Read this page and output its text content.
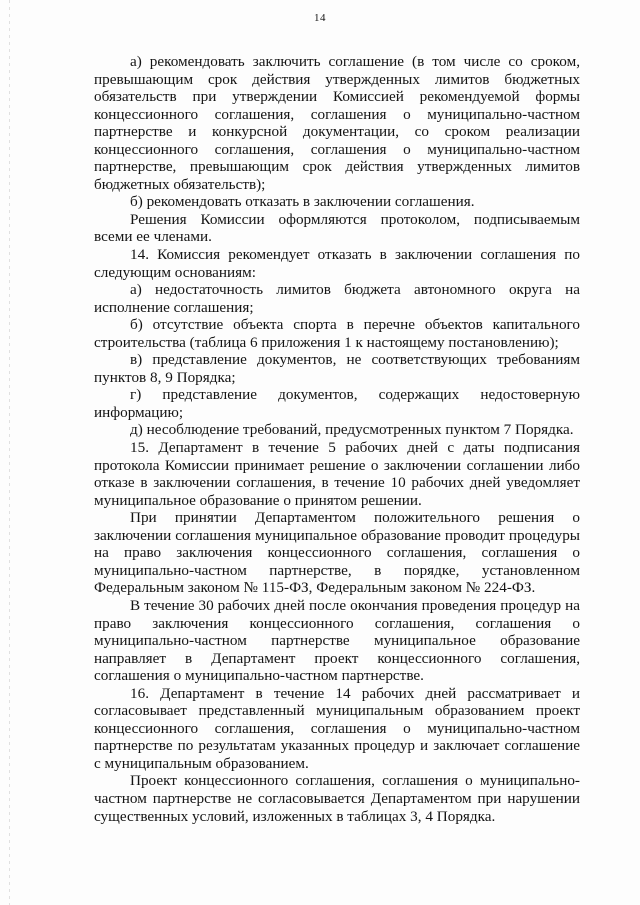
14

а) рекомендовать заключить соглашение (в том числе со сроком, превышающим срок действия утвержденных лимитов бюджетных обязательств при утверждении Комиссией рекомендуемой формы концессионного соглашения, соглашения о муниципально-частном партнерстве и конкурсной документации, со сроком реализации концессионного соглашения, соглашения о муниципально-частном партнерстве, превышающим срок действия утвержденных лимитов бюджетных обязательств);

б) рекомендовать отказать в заключении соглашения.

Решения Комиссии оформляются протоколом, подписываемым всеми ее членами.

14. Комиссия рекомендует отказать в заключении соглашения по следующим основаниям:

а) недостаточность лимитов бюджета автономного округа на исполнение соглашения;

б) отсутствие объекта спорта в перечне объектов капитального строительства (таблица 6 приложения 1 к настоящему постановлению);

в) представление документов, не соответствующих требованиям пунктов 8, 9 Порядка;

г) представление документов, содержащих недостоверную информацию;

д) несоблюдение требований, предусмотренных пунктом 7 Порядка.

15. Департамент в течение 5 рабочих дней с даты подписания протокола Комиссии принимает решение о заключении соглашении либо отказе в заключении соглашения, в течение 10 рабочих дней уведомляет муниципальное образование о принятом решении.

При принятии Департаментом положительного решения о заключении соглашения муниципальное образование проводит процедуры на право заключения концессионного соглашения, соглашения о муниципально-частном партнерстве, в порядке, установленном Федеральным законом № 115-ФЗ, Федеральным законом № 224-ФЗ.

В течение 30 рабочих дней после окончания проведения процедур на право заключения концессионного соглашения, соглашения о муниципально-частном партнерстве муниципальное образование направляет в Департамент проект концессионного соглашения, соглашения о муниципально-частном партнерстве.

16. Департамент в течение 14 рабочих дней рассматривает и согласовывает представленный муниципальным образованием проект концессионного соглашения, соглашения о муниципально-частном партнерстве по результатам указанных процедур и заключает соглашение с муниципальным образованием.

Проект концессионного соглашения, соглашения о муниципально-частном партнерстве не согласовывается Департаментом при нарушении существенных условий, изложенных в таблицах 3, 4 Порядка.
